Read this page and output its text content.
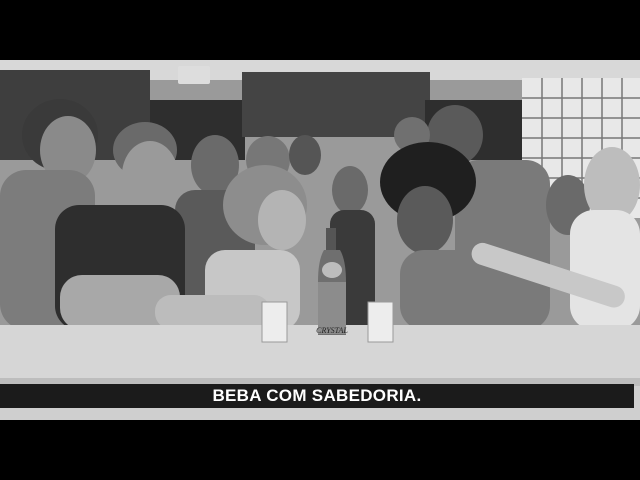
CRYSTAL
BEBA COM SABEDORIA.
